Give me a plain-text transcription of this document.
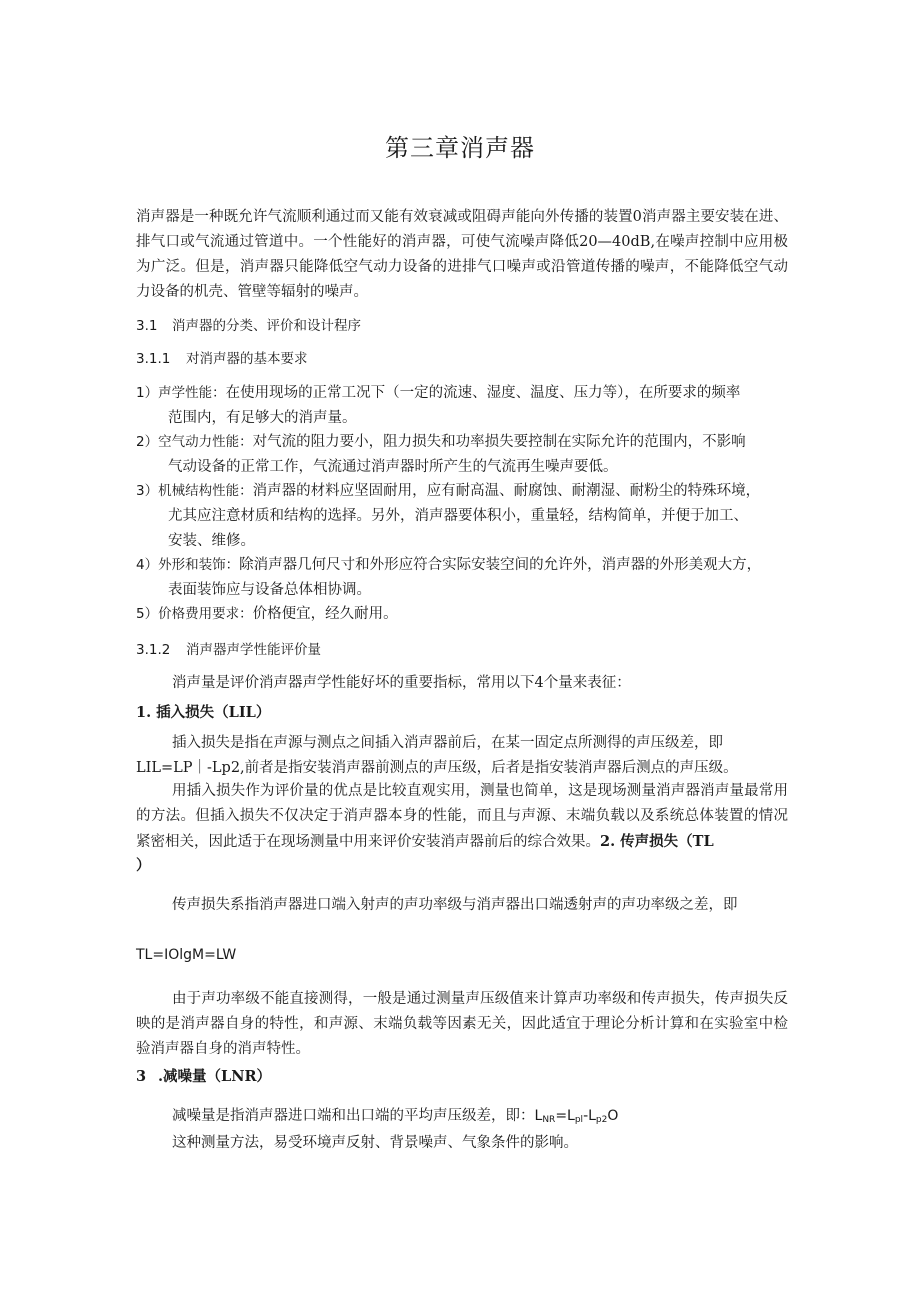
第三章消声器
消声器是一种既允许气流顺利通过而又能有效衰减或阻碍声能向外传播的装置0消声器主要安装在进、排气口或气流通过管道中。一个性能好的消声器，可使气流噪声降低20—40dB,在噪声控制中应用极为广泛。但是，消声器只能降低空气动力设备的进排气口噪声或沿管道传播的噪声，不能降低空气动力设备的机壳、管壁等辐射的噪声。
3.1 消声器的分类、评价和设计程序
3.1.1 对消声器的基本要求
1）声学性能：在使用现场的正常工况下（一定的流速、湿度、温度、压力等），在所要求的频率
范围内，有足够大的消声量。
2）空气动力性能：对气流的阻力要小，阻力损失和功率损失要控制在实际允许的范围内，不影响
气动设备的正常工作，气流通过消声器时所产生的气流再生噪声要低。
3）机械结构性能：消声器的材料应坚固耐用，应有耐高温、耐腐蚀、耐潮湿、耐粉尘的特殊环境，
尤其应注意材质和结构的选择。另外，消声器要体积小，重量轻，结构简单，并便于加工、
安装、维修。
4）外形和装饰：除消声器几何尺寸和外形应符合实际安装空间的允许外，消声器的外形美观大方，
表面装饰应与设备总体相协调。
5）价格费用要求：价格便宜，经久耐用。
3.1.2 消声器声学性能评价量
消声量是评价消声器声学性能好坏的重要指标，常用以下4个量来表征：
1. 插入损失（LIL）
插入损失是指在声源与测点之间插入消声器前后，在某一固定点所测得的声压级差，即
LIL=LP｜-Lp2,前者是指安装消声器前测点的声压级，后者是指安装消声器后测点的声压级。
用插入损失作为评价量的优点是比较直观实用，测量也简单，这是现场测量消声器消声量最常用的方法。但插入损失不仅决定于消声器本身的性能，而且与声源、末端负载以及系统总体装置的情况紧密相关，因此适于在现场测量中用来评价安装消声器前后的综合效果。2. 传声损失（TL
）
传声损失系指消声器进口端入射声的声功率级与消声器出口端透射声的声功率级之差，即
TL=IOlgM=LW
由于声功率级不能直接测得，一般是通过测量声压级值来计算声功率级和传声损失，传声损失反映的是消声器自身的特性，和声源、末端负载等因素无关，因此适宜于理论分析计算和在实验室中检验消声器自身的消声特性。
3 .减噪量（LNR）
减噪量是指消声器进口端和出口端的平均声压级差，即：$L_{NR}=L_{pl}-L_{p2}O$
这种测量方法，易受环境声反射、背景噪声、气象条件的影响。
